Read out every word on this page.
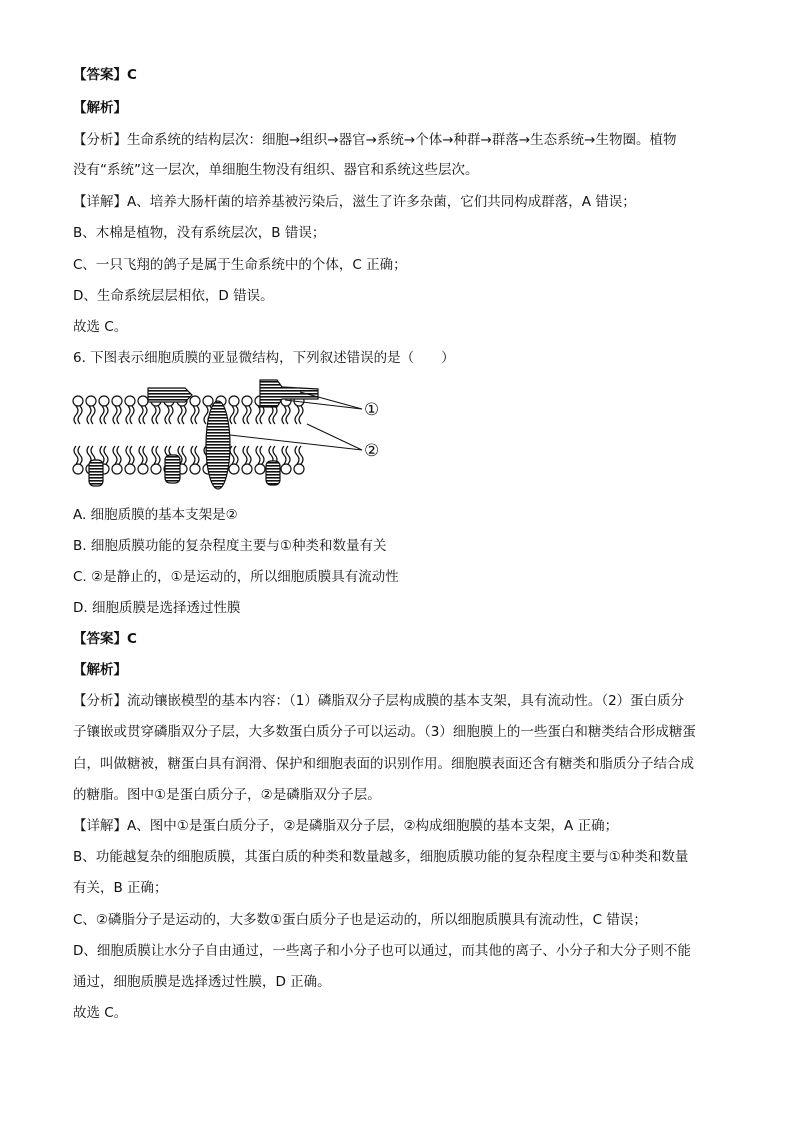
【答案】C
【解析】
【分析】生命系统的结构层次：细胞→组织→器官→系统→个体→种群→群落→生态系统→生物圈。植物
没有“系统”这一层次，单细胞生物没有组织、器官和系统这些层次。
【详解】A、培养大肠杆菌的培养基被污染后，滋生了许多杂菌，它们共同构成群落，A 错误；
B、木棉是植物，没有系统层次，B 错误；
C、一只飞翔的鸽子是属于生命系统中的个体，C 正确；
D、生命系统层层相依，D 错误。
故选 C。
6. 下图表示细胞质膜的亚显微结构，下列叙述错误的是（　　）
①
②
A. 细胞质膜的基本支架是②
B. 细胞质膜功能的复杂程度主要与①种类和数量有关
C. ②是静止的，①是运动的，所以细胞质膜具有流动性
D. 细胞质膜是选择透过性膜
【答案】C
【解析】
【分析】流动镶嵌模型的基本内容：（1）磷脂双分子层构成膜的基本支架，具有流动性。（2）蛋白质分
子镶嵌或贯穿磷脂双分子层，大多数蛋白质分子可以运动。（3）细胞膜上的一些蛋白和糖类结合形成糖蛋
白，叫做糖被，糖蛋白具有润滑、保护和细胞表面的识别作用。细胞膜表面还含有糖类和脂质分子结合成
的糖脂。图中①是蛋白质分子，②是磷脂双分子层。
【详解】A、图中①是蛋白质分子，②是磷脂双分子层，②构成细胞膜的基本支架，A 正确；
B、功能越复杂的细胞质膜，其蛋白质的种类和数量越多，细胞质膜功能的复杂程度主要与①种类和数量
有关，B 正确；
C、②磷脂分子是运动的，大多数①蛋白质分子也是运动的，所以细胞质膜具有流动性，C 错误；
D、细胞质膜让水分子自由通过，一些离子和小分子也可以通过，而其他的离子、小分子和大分子则不能
通过，细胞质膜是选择透过性膜，D 正确。
故选 C。
